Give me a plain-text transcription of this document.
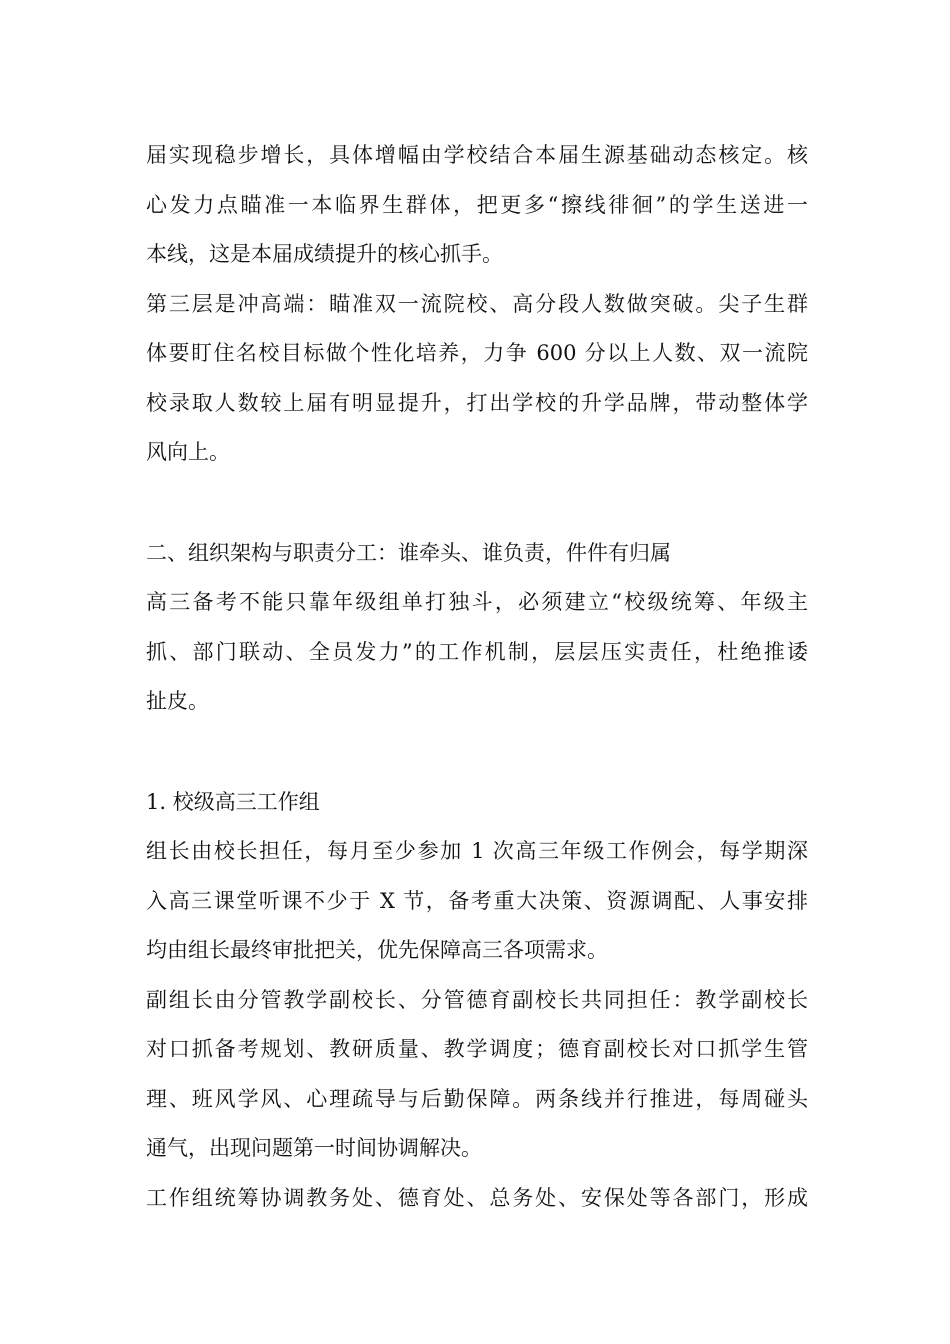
届实现稳步增长，具体增幅由学校结合本届生源基础动态核定。核
心发力点瞄准一本临界生群体，把更多“擦线徘徊”的学生送进一
本线，这是本届成绩提升的核心抓手。
第三层是冲高端：瞄准双一流院校、高分段人数做突破。尖子生群
体要盯住名校目标做个性化培养，力争 600 分以上人数、双一流院
校录取人数较上届有明显提升，打出学校的升学品牌，带动整体学
风向上。
二、组织架构与职责分工：谁牵头、谁负责，件件有归属
高三备考不能只靠年级组单打独斗，必须建立“校级统筹、年级主
抓、部门联动、全员发力”的工作机制，层层压实责任，杜绝推诿
扯皮。
1. 校级高三工作组
组长由校长担任，每月至少参加 1 次高三年级工作例会，每学期深
入高三课堂听课不少于 X 节，备考重大决策、资源调配、人事安排
均由组长最终审批把关，优先保障高三各项需求。
副组长由分管教学副校长、分管德育副校长共同担任：教学副校长
对口抓备考规划、教研质量、教学调度；德育副校长对口抓学生管
理、班风学风、心理疏导与后勤保障。两条线并行推进，每周碰头
通气，出现问题第一时间协调解决。
工作组统筹协调教务处、德育处、总务处、安保处等各部门，形成
